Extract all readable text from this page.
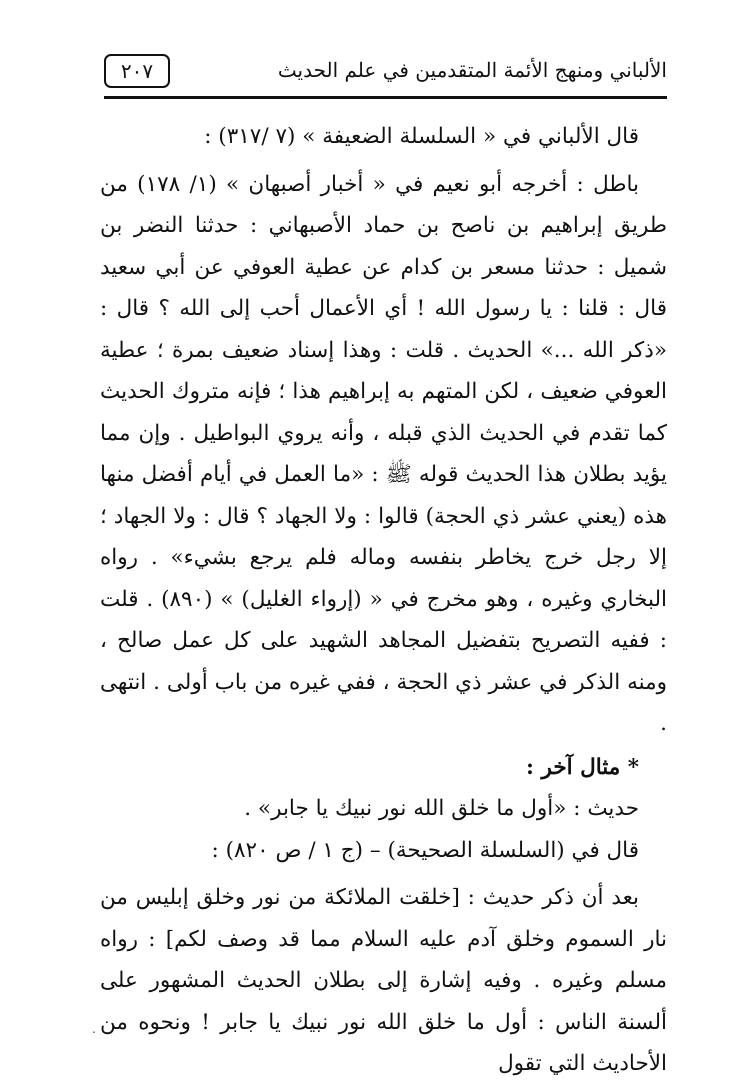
الألباني ومنهج الأئمة المتقدمين في علم الحديث
٢٠٧

قال الألباني في « السلسلة الضعيفة » (٧ /٣١٧) :

باطل : أخرجه أبو نعيم في « أخبار أصبهان » (١/ ١٧٨) من طريق إبراهيم بن ناصح بن حماد الأصبهاني : حدثنا النضر بن شميل : حدثنا مسعر بن كدام عن عطية العوفي عن أبي سعيد قال : قلنا : يا رسول الله ! أي الأعمال أحب إلى الله ؟ قال : «ذكر الله ...» الحديث . قلت : وهذا إسناد ضعيف بمرة ؛ عطية العوفي ضعيف ، لكن المتهم به إبراهيم هذا ؛ فإنه متروك الحديث كما تقدم في الحديث الذي قبله ، وأنه يروي البواطيل . وإن مما يؤيد بطلان هذا الحديث قوله ﷺ : «ما العمل في أيام أفضل منها هذه (يعني عشر ذي الحجة) قالوا : ولا الجهاد ؟ قال : ولا الجهاد ؛ إلا رجل خرج يخاطر بنفسه وماله فلم يرجع بشيء» . رواه البخاري وغيره ، وهو مخرج في « (إرواء الغليل) » (٨٩٠) . قلت : ففيه التصريح بتفضيل المجاهد الشهيد على كل عمل صالح ، ومنه الذكر في عشر ذي الحجة ، ففي غيره من باب أولى . انتهى .

* مثال آخر :

حديث : «أول ما خلق الله نور نبيك يا جابر» .

قال في (السلسلة الصحيحة) – (ج ١ / ص ٨٢٠) :

بعد أن ذكر حديث : [خلقت الملائكة من نور وخلق إبليس من نار السموم وخلق آدم عليه السلام مما قد وصف لكم] : رواه مسلم وغيره . وفيه إشارة إلى بطلان الحديث المشهور على ألسنة الناس : أول ما خلق الله نور نبيك يا جابر ! ونحوه من الأحاديث التي تقول

.
